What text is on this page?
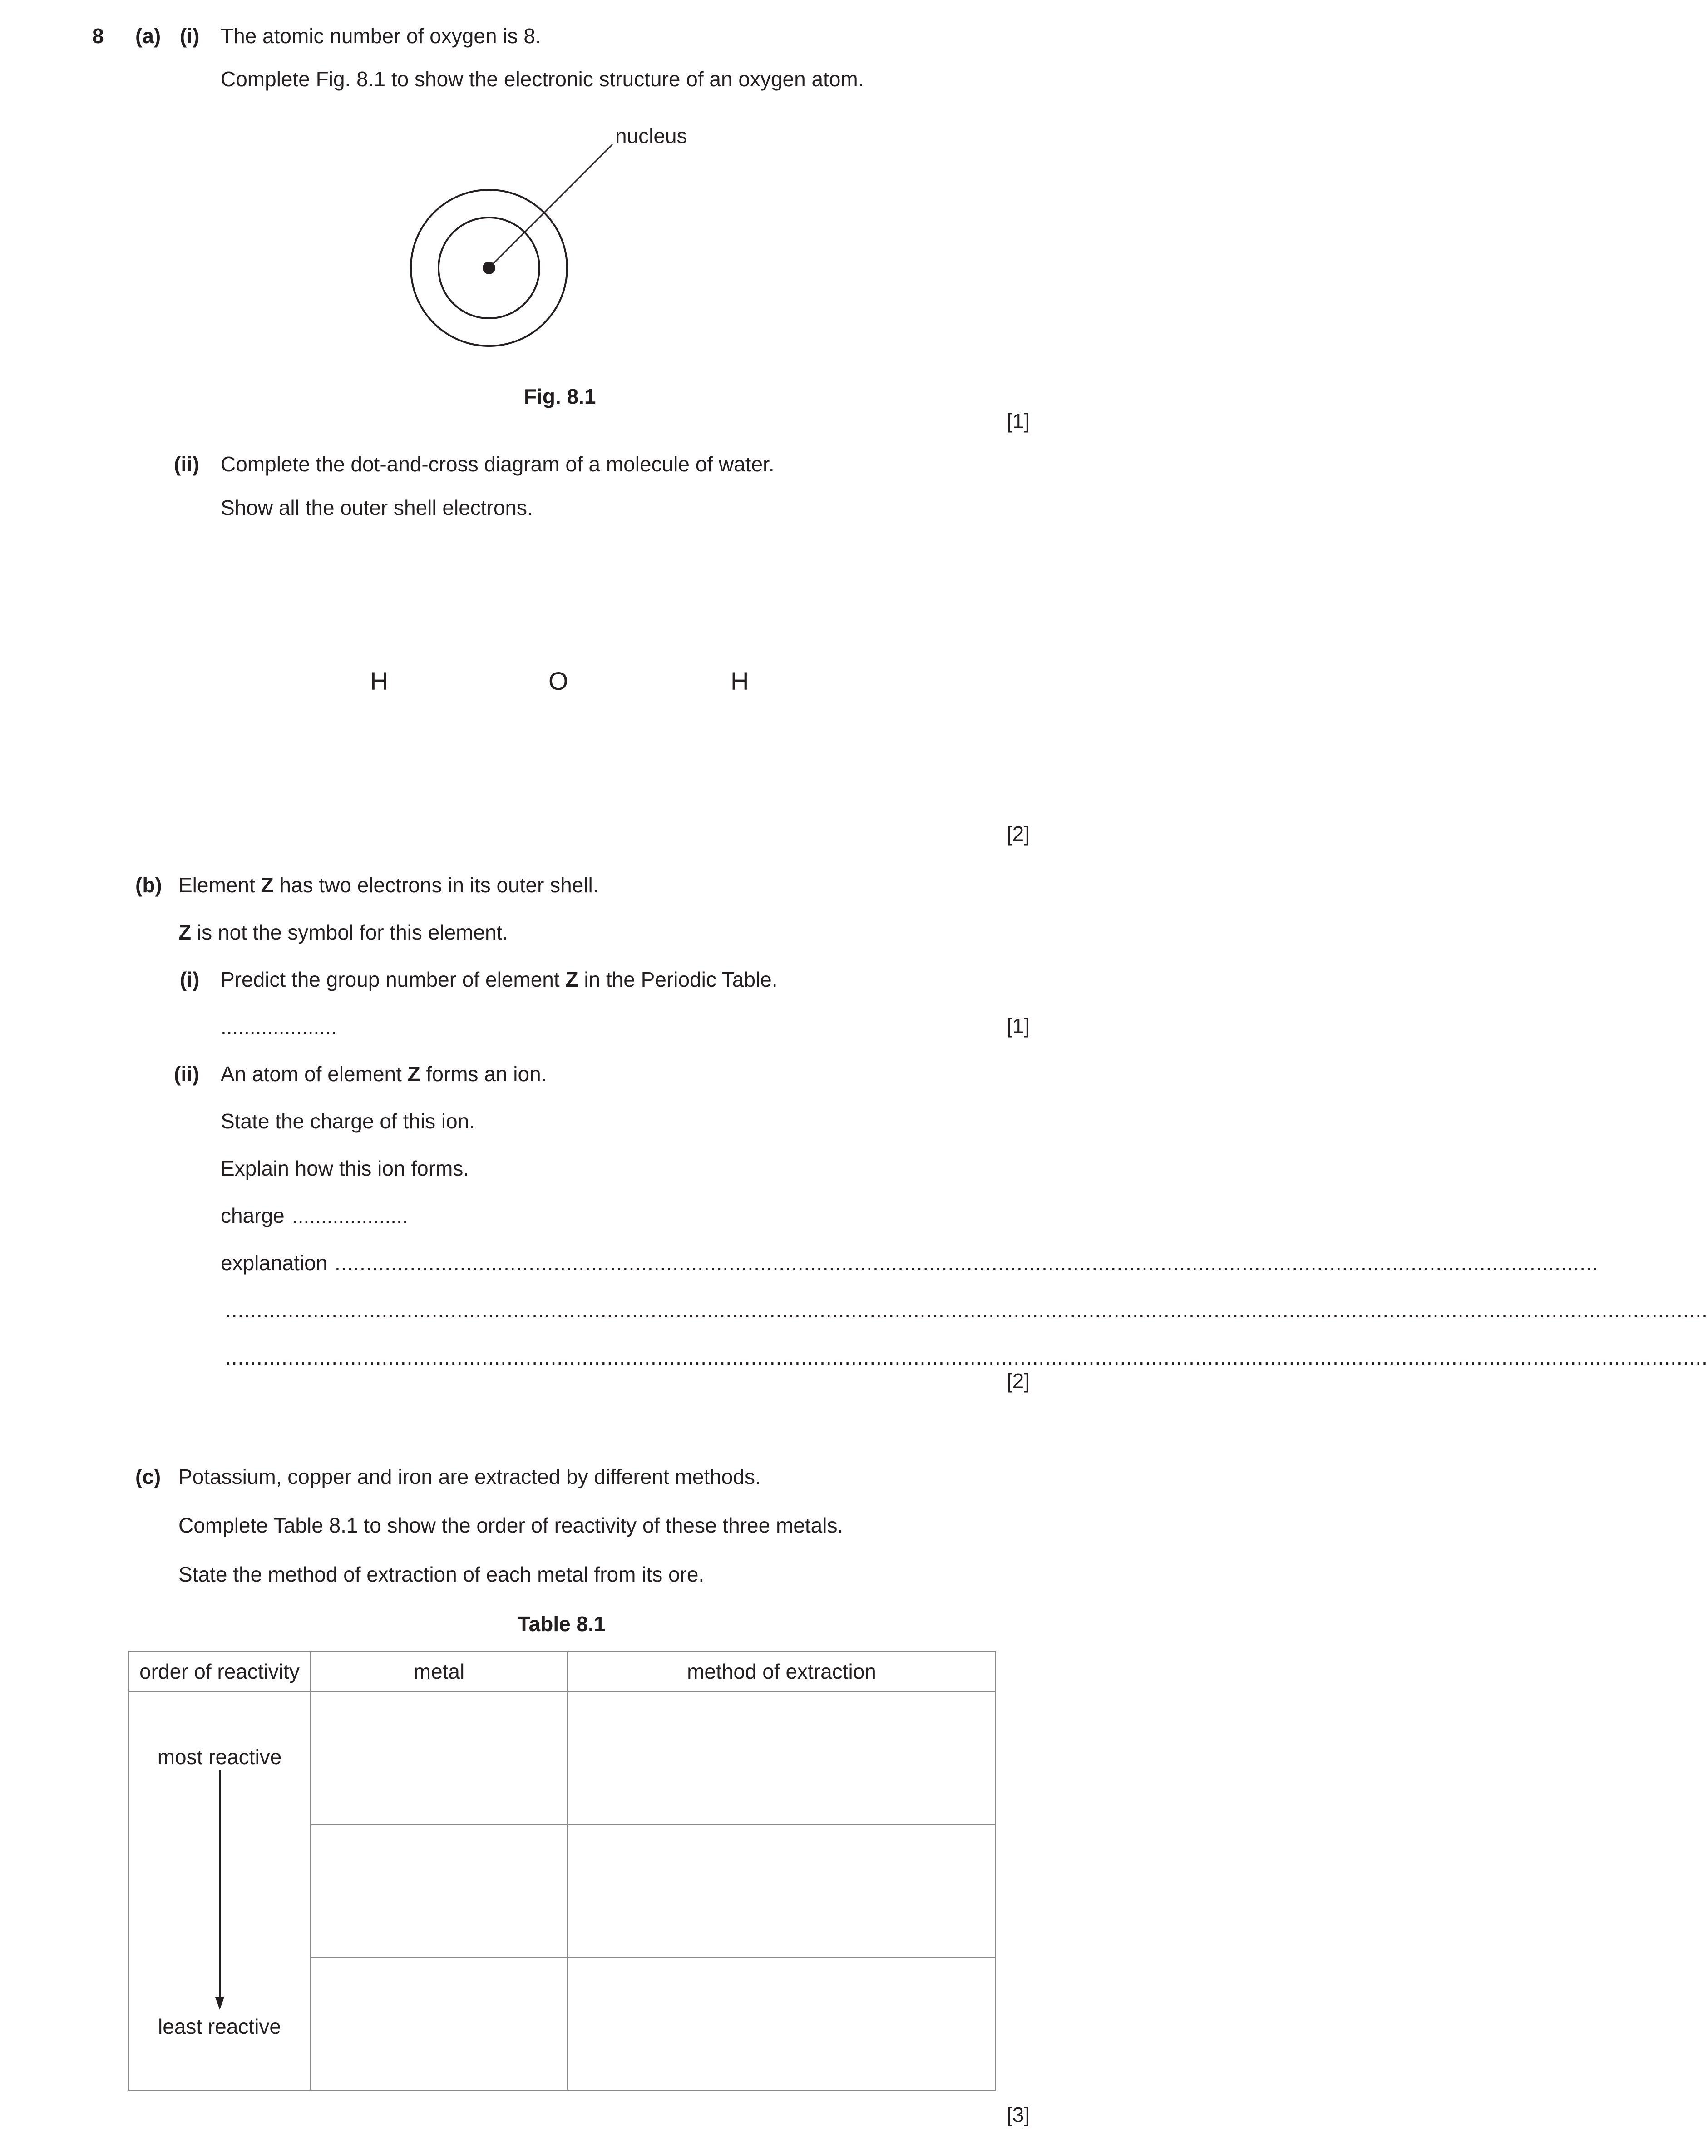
8 (a) (i) The atomic number of oxygen is 8.
Complete Fig. 8.1 to show the electronic structure of an oxygen atom.
nucleus
Fig. 8.1
[1]
(ii) Complete the dot-and-cross diagram of a molecule of water.
Show all the outer shell electrons.
H	O	H
[2]
(b) Element Z has two electrons in its outer shell.
Z is not the symbol for this element.
(i) Predict the group number of element Z in the Periodic Table.
....................	[1]
(ii) An atom of element Z forms an ion.
State the charge of this ion.
Explain how this ion forms.
charge ....................
explanation ..........................................................................................................................................................................................................
.............................................................................................................................................................................................................................................
.............................................................................................................................................................................................................................................
[2]
(c) Potassium, copper and iron are extracted by different methods.
Complete Table 8.1 to show the order of reactivity of these three metals.
State the method of extraction of each metal from its ore.
Table 8.1
order of reactivity	metal	method of extraction

most reactive
least reactive		

[3]
